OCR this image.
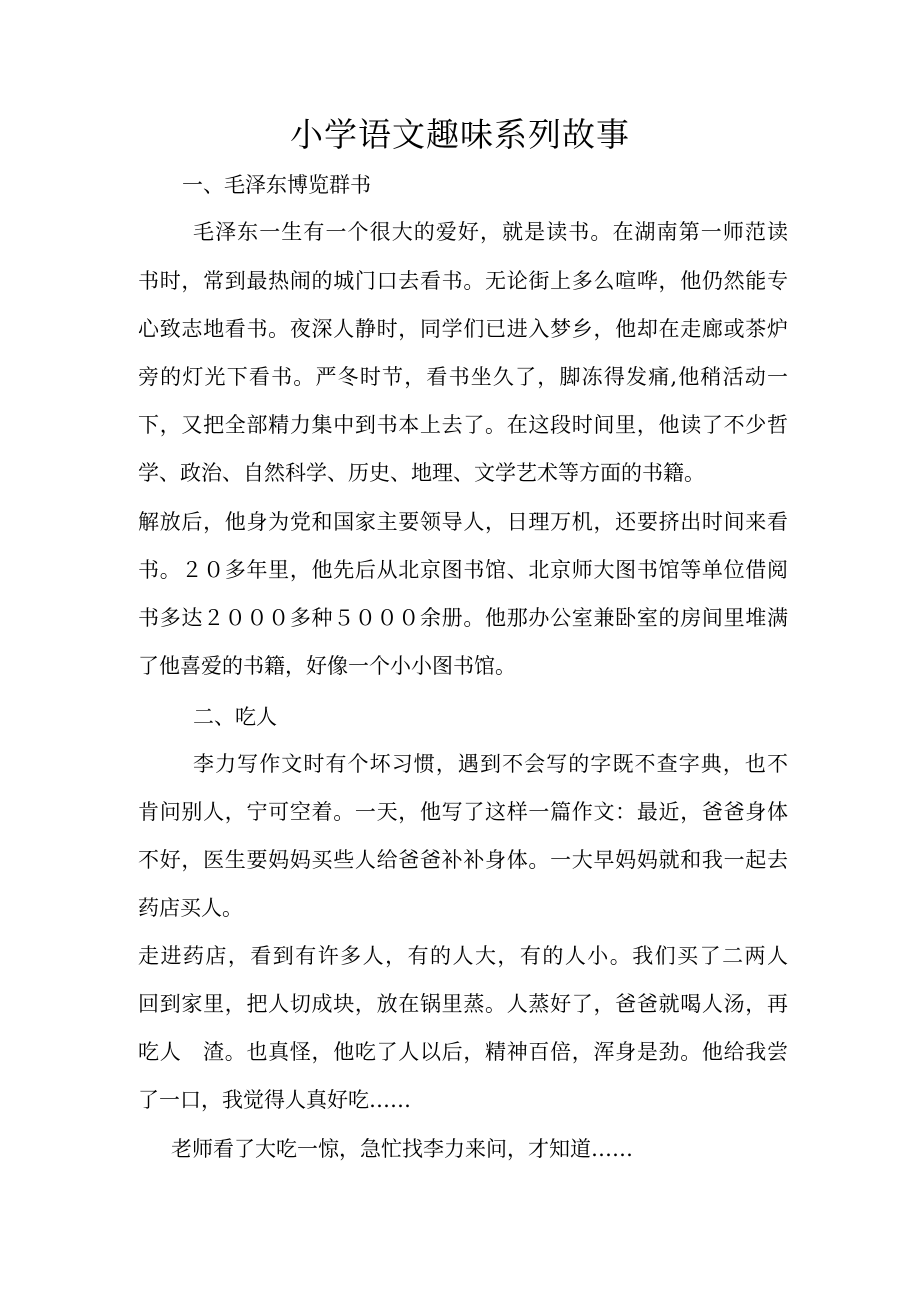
小学语文趣味系列故事
一、毛泽东博览群书
毛泽东一生有一个很大的爱好，就是读书。在湖南第一师范读
书时，常到最热闹的城门口去看书。无论街上多么喧哗，他仍然能专
心致志地看书。夜深人静时，同学们已进入梦乡，他却在走廊或茶炉
旁的灯光下看书。严冬时节，看书坐久了，脚冻得发痛,他稍活动一
下，又把全部精力集中到书本上去了。在这段时间里，他读了不少哲
学、政治、自然科学、历史、地理、文学艺术等方面的书籍。
解放后，他身为党和国家主要领导人，日理万机，还要挤出时间来看
书。２０多年里，他先后从北京图书馆、北京师大图书馆等单位借阅
书多达２０００多种５０００余册。他那办公室兼卧室的房间里堆满
了他喜爱的书籍，好像一个小小图书馆。
二、吃人
李力写作文时有个坏习惯，遇到不会写的字既不查字典，也不
肯问别人，宁可空着。一天，他写了这样一篇作文：最近，爸爸身体
不好，医生要妈妈买些人给爸爸补补身体。一大早妈妈就和我一起去
药店买人。
走进药店，看到有许多人，有的人大，有的人小。我们买了二两人
回到家里，把人切成块，放在锅里蒸。人蒸好了，爸爸就喝人汤，再
吃人　渣。也真怪，他吃了人以后，精神百倍，浑身是劲。他给我尝
了一口，我觉得人真好吃……
老师看了大吃一惊，急忙找李力来问，才知道……
